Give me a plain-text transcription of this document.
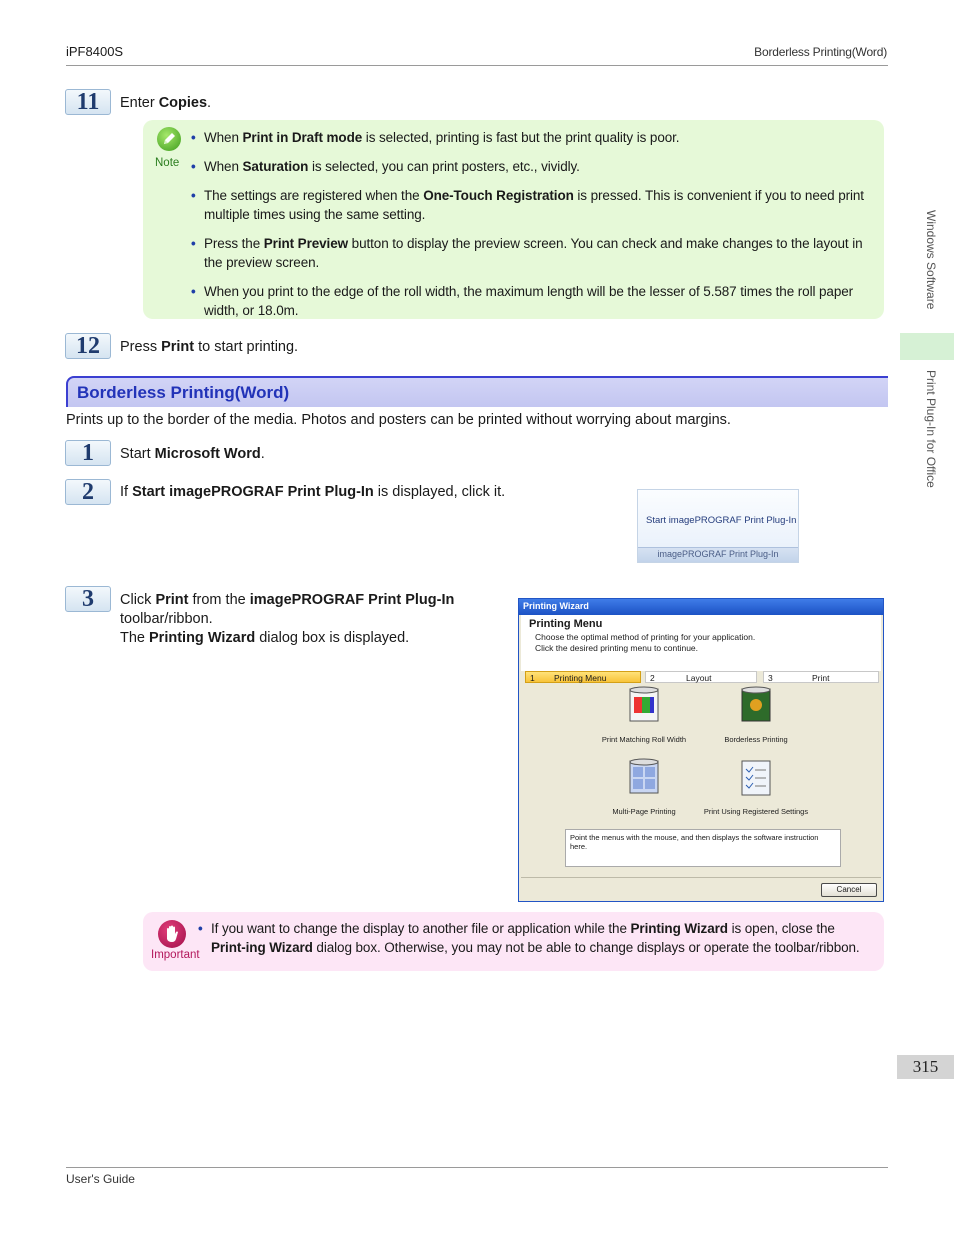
iPF8400S	Borderless Printing(Word)
Windows Software
Print Plug-In for Office
11	Enter Copies.
Note
• When Print in Draft mode is selected, printing is fast but the print quality is poor.
• When Saturation is selected, you can print posters, etc., vividly.
• The settings are registered when the One-Touch Registration is pressed. This is convenient if you to need print multiple times using the same setting.
• Press the Print Preview button to display the preview screen. You can check and make changes to the layout in the preview screen.
• When you print to the edge of the roll width, the maximum length will be the lesser of 5.587 times the roll paper width, or 18.0m.
12	Press Print to start printing.
Borderless Printing(Word)
Prints up to the border of the media. Photos and posters can be printed without worrying about margins.
1	Start Microsoft Word.
2	If Start imagePROGRAF Print Plug-In is displayed, click it.
Start imagePROGRAF Print Plug-In
imagePROGRAF Print Plug-In
3	Click Print from the imagePROGRAF Print Plug-In
toolbar/ribbon.
The Printing Wizard dialog box is displayed.
Printing Wizard
Printing Menu
Choose the optimal method of printing for your application.
Click the desired printing menu to continue.
1 Printing Menu	2	Layout	3	Print
Print Matching Roll Width	Borderless Printing
Multi-Page Printing	Print Using Registered Settings
Point the menus with the mouse, and then displays the software instruction here.
Cancel
Important
• If you want to change the display to another file or application while the Printing Wizard is open, close the Print-ing Wizard dialog box. Otherwise, you may not be able to change displays or operate the toolbar/ribbon.
315
User's Guide
